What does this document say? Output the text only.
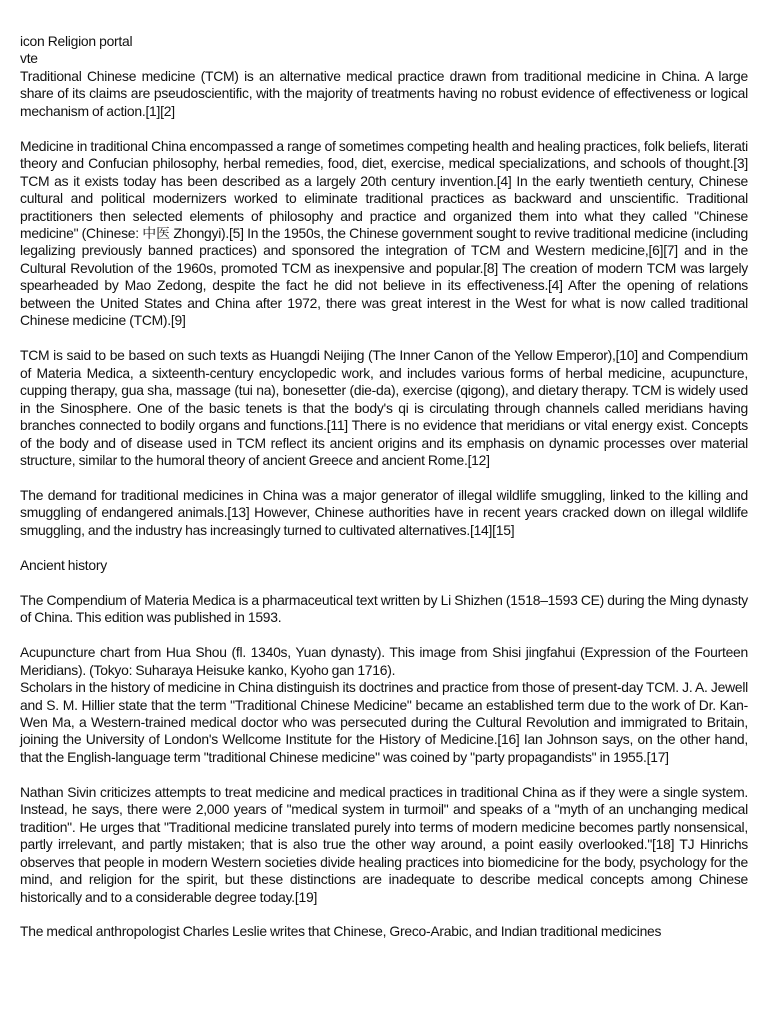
icon Religion portal
vte

Traditional Chinese medicine (TCM) is an alternative medical practice drawn from traditional medicine in China. A large share of its claims are pseudoscientific, with the majority of treatments having no robust evidence of effectiveness or logical mechanism of action.[1][2]

Medicine in traditional China encompassed a range of sometimes competing health and healing practices, folk beliefs, literati theory and Confucian philosophy, herbal remedies, food, diet, exercise, medical specializations, and schools of thought.[3] TCM as it exists today has been described as a largely 20th century invention.[4] In the early twentieth century, Chinese cultural and political modernizers worked to eliminate traditional practices as backward and unscientific. Traditional practitioners then selected elements of philosophy and practice and organized them into what they called "Chinese medicine" (Chinese: 中医 Zhongyi).[5] In the 1950s, the Chinese government sought to revive traditional medicine (including legalizing previously banned practices) and sponsored the integration of TCM and Western medicine,[6][7] and in the Cultural Revolution of the 1960s, promoted TCM as inexpensive and popular.[8] The creation of modern TCM was largely spearheaded by Mao Zedong, despite the fact he did not believe in its effectiveness.[4] After the opening of relations between the United States and China after 1972, there was great interest in the West for what is now called traditional Chinese medicine (TCM).[9]

TCM is said to be based on such texts as Huangdi Neijing (The Inner Canon of the Yellow Emperor),[10] and Compendium of Materia Medica, a sixteenth-century encyclopedic work, and includes various forms of herbal medicine, acupuncture, cupping therapy, gua sha, massage (tui na), bonesetter (die-da), exercise (qigong), and dietary therapy. TCM is widely used in the Sinosphere. One of the basic tenets is that the body's qi is circulating through channels called meridians having branches connected to bodily organs and functions.[11] There is no evidence that meridians or vital energy exist. Concepts of the body and of disease used in TCM reflect its ancient origins and its emphasis on dynamic processes over material structure, similar to the humoral theory of ancient Greece and ancient Rome.[12]

The demand for traditional medicines in China was a major generator of illegal wildlife smuggling, linked to the killing and smuggling of endangered animals.[13] However, Chinese authorities have in recent years cracked down on illegal wildlife smuggling, and the industry has increasingly turned to cultivated alternatives.[14][15]

Ancient history

The Compendium of Materia Medica is a pharmaceutical text written by Li Shizhen (1518–1593 CE) during the Ming dynasty of China. This edition was published in 1593.

Acupuncture chart from Hua Shou (fl. 1340s, Yuan dynasty). This image from Shisi jingfahui (Expression of the Fourteen Meridians). (Tokyo: Suharaya Heisuke kanko, Kyoho gan 1716).

Scholars in the history of medicine in China distinguish its doctrines and practice from those of present-day TCM. J. A. Jewell and S. M. Hillier state that the term "Traditional Chinese Medicine" became an established term due to the work of Dr. Kan-Wen Ma, a Western-trained medical doctor who was persecuted during the Cultural Revolution and immigrated to Britain, joining the University of London's Wellcome Institute for the History of Medicine.[16] Ian Johnson says, on the other hand, that the English-language term "traditional Chinese medicine" was coined by "party propagandists" in 1955.[17]

Nathan Sivin criticizes attempts to treat medicine and medical practices in traditional China as if they were a single system. Instead, he says, there were 2,000 years of "medical system in turmoil" and speaks of a "myth of an unchanging medical tradition". He urges that "Traditional medicine translated purely into terms of modern medicine becomes partly nonsensical, partly irrelevant, and partly mistaken; that is also true the other way around, a point easily overlooked."[18] TJ Hinrichs observes that people in modern Western societies divide healing practices into biomedicine for the body, psychology for the mind, and religion for the spirit, but these distinctions are inadequate to describe medical concepts among Chinese historically and to a considerable degree today.[19]

The medical anthropologist Charles Leslie writes that Chinese, Greco-Arabic, and Indian traditional medicines
